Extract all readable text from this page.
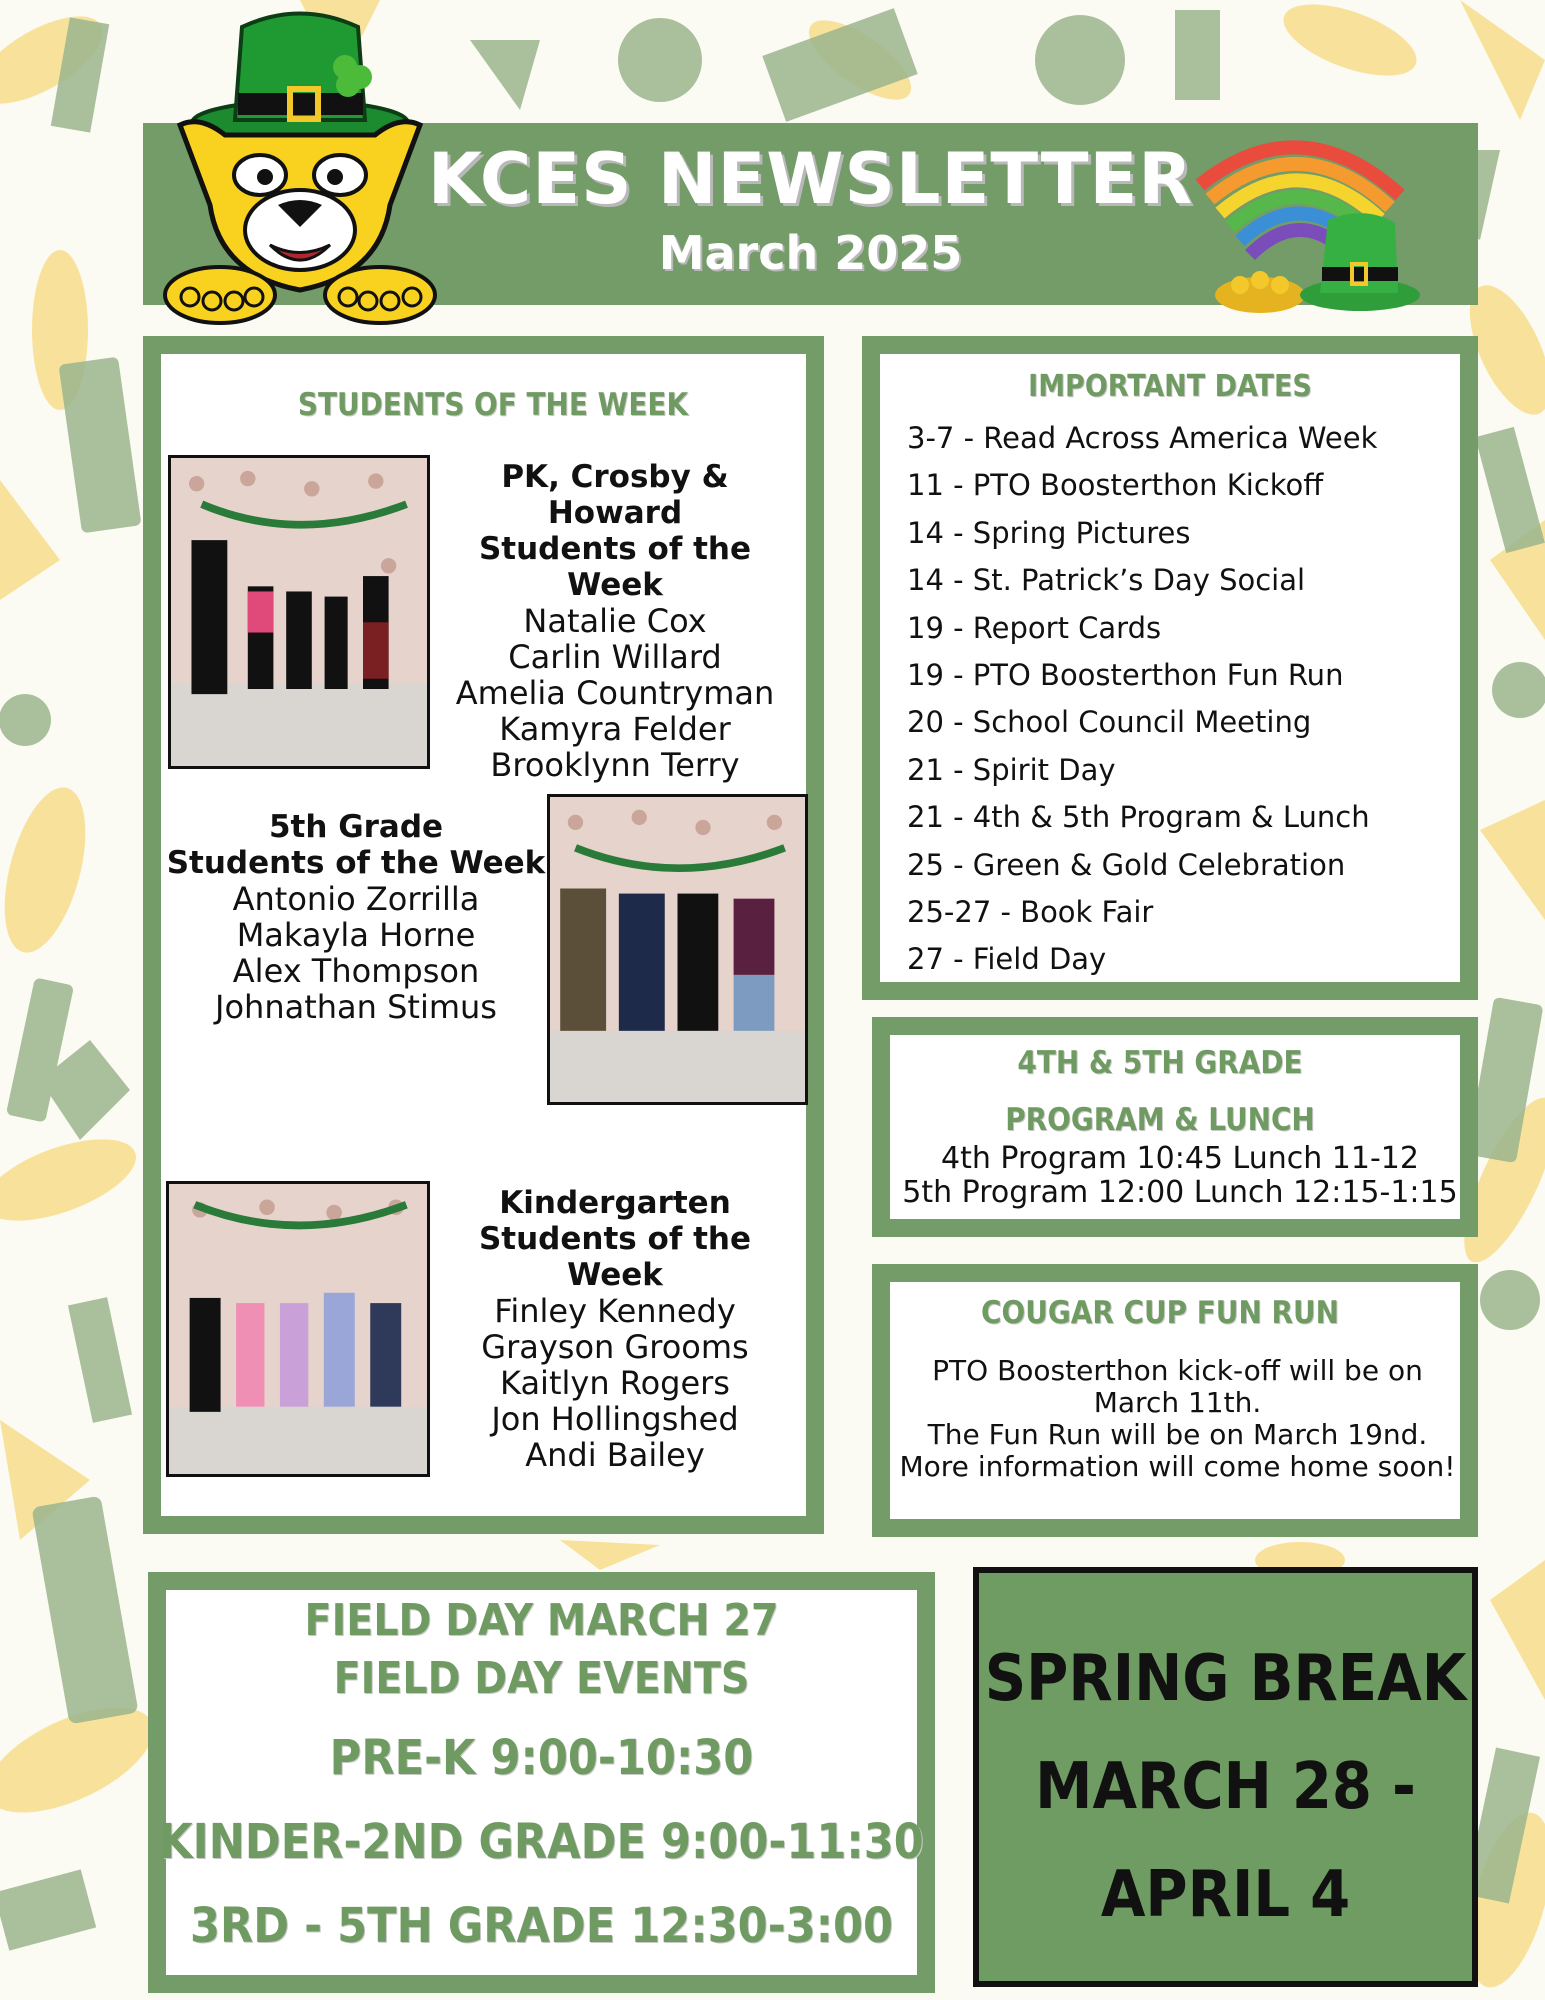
KCES NEWSLETTER
March 2025
STUDENTS OF THE WEEK
PK, Crosby & Howard
Students of the Week
Natalie Cox
Carlin Willard
Amelia Countryman
Kamyra Felder
Brooklynn Terry
5th Grade
Students of the Week
Antonio Zorrilla
Makayla Horne
Alex Thompson
Johnathan Stimus
Kindergarten
Students of the Week
Finley Kennedy
Grayson Grooms
Kaitlyn Rogers
Jon Hollingshed
Andi Bailey
IMPORTANT DATES
3-7 - Read Across America Week
11 - PTO Boosterthon Kickoff
14 - Spring Pictures
14 - St. Patrick’s Day Social
19 - Report Cards
19 - PTO Boosterthon Fun Run
20 - School Council Meeting
21 - Spirit Day
21 - 4th & 5th Program & Lunch
25 - Green & Gold Celebration
25-27 - Book Fair
27 - Field Day
4TH & 5TH GRADE
PROGRAM & LUNCH
4th Program 10:45 Lunch 11-12
5th Program 12:00 Lunch 12:15-1:15
COUGAR CUP FUN RUN
PTO Boosterthon kick-off will be on
March 11th.
The Fun Run will be on March 19nd.
More information will come home soon!
FIELD DAY MARCH 27
FIELD DAY EVENTS
PRE-K 9:00-10:30
KINDER-2ND GRADE 9:00-11:30
3RD - 5TH GRADE 12:30-3:00
SPRING BREAK
MARCH 28 -
APRIL 4
